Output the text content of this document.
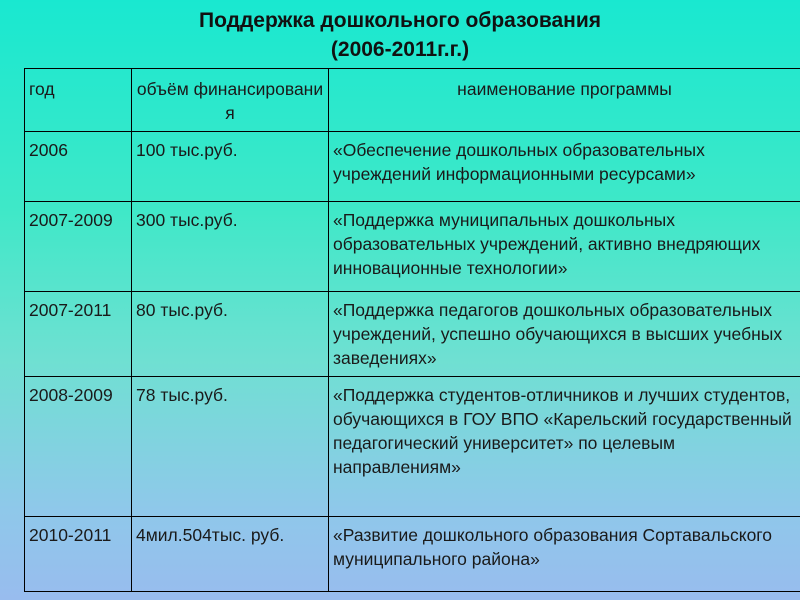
Поддержка дошкольного образования
(2006-2011г.г.)
год	объём финансирования	наименование программы
2006	100 тыс.руб.	«Обеспечение дошкольных образовательных учреждений информационными ресурсами»
2007-2009	300 тыс.руб.	«Поддержка муниципальных дошкольных образовательных учреждений, активно внедряющих инновационные технологии»
2007-2011	80 тыс.руб.	«Поддержка педагогов дошкольных образовательных учреждений, успешно обучающихся в высших учебных заведениях»
2008-2009	78 тыс.руб.	«Поддержка студентов-отличников и лучших студентов, обучающихся в ГОУ ВПО «Карельский государственный педагогический университет» по целевым направлениям»
2010-2011	4мил.504тыс. руб.	«Развитие дошкольного образования Сортавальского муниципального района»
